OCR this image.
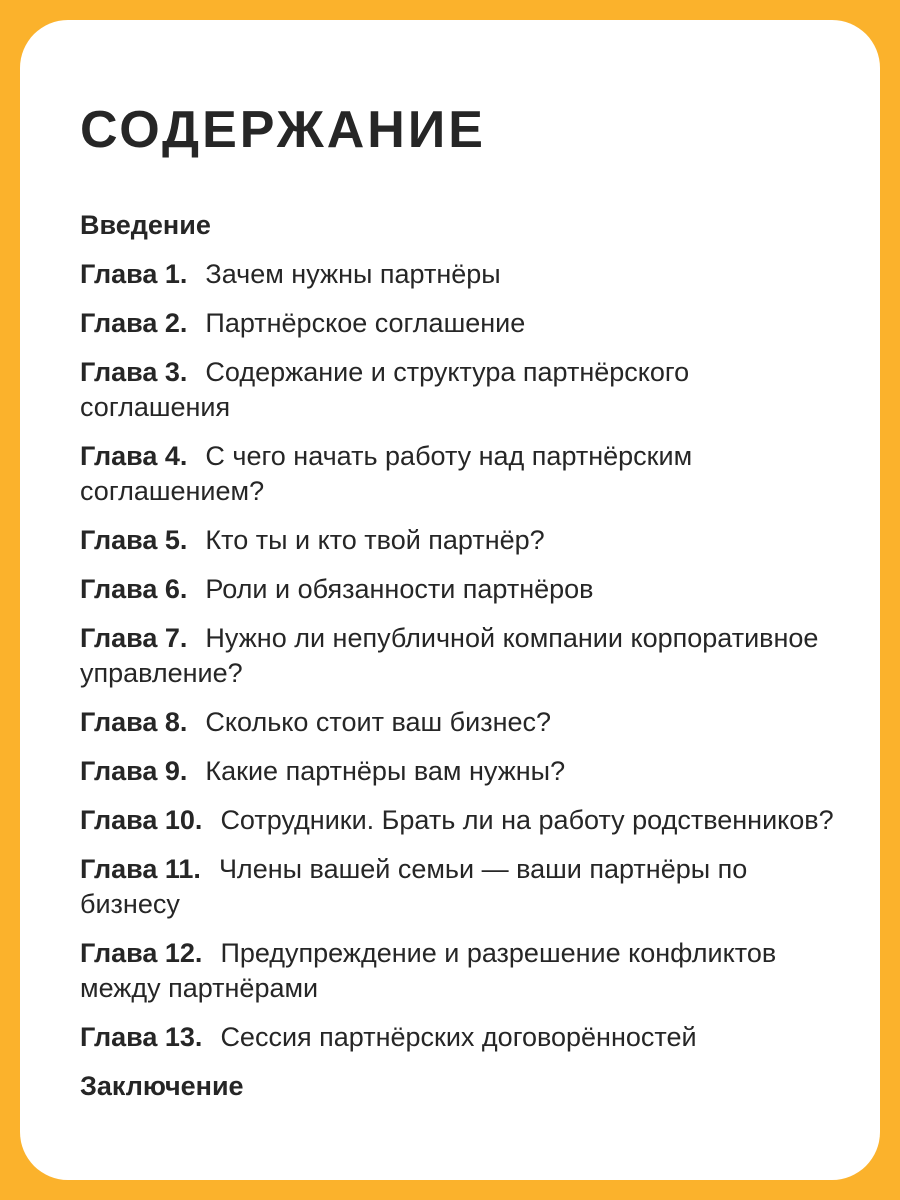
СОДЕРЖАНИЕ
Введение
Глава 1. Зачем нужны партнёры
Глава 2. Партнёрское соглашение
Глава 3. Содержание и структура партнёрского соглашения
Глава 4. С чего начать работу над партнёрским соглашением?
Глава 5. Кто ты и кто твой партнёр?
Глава 6. Роли и обязанности партнёров
Глава 7. Нужно ли непубличной компании корпоративное управление?
Глава 8. Сколько стоит ваш бизнес?
Глава 9. Какие партнёры вам нужны?
Глава 10. Сотрудники. Брать ли на работу родственников?
Глава 11. Члены вашей семьи — ваши партнёры по бизнесу
Глава 12. Предупреждение и разрешение конфликтов между партнёрами
Глава 13. Сессия партнёрских договорённостей
Заключение
